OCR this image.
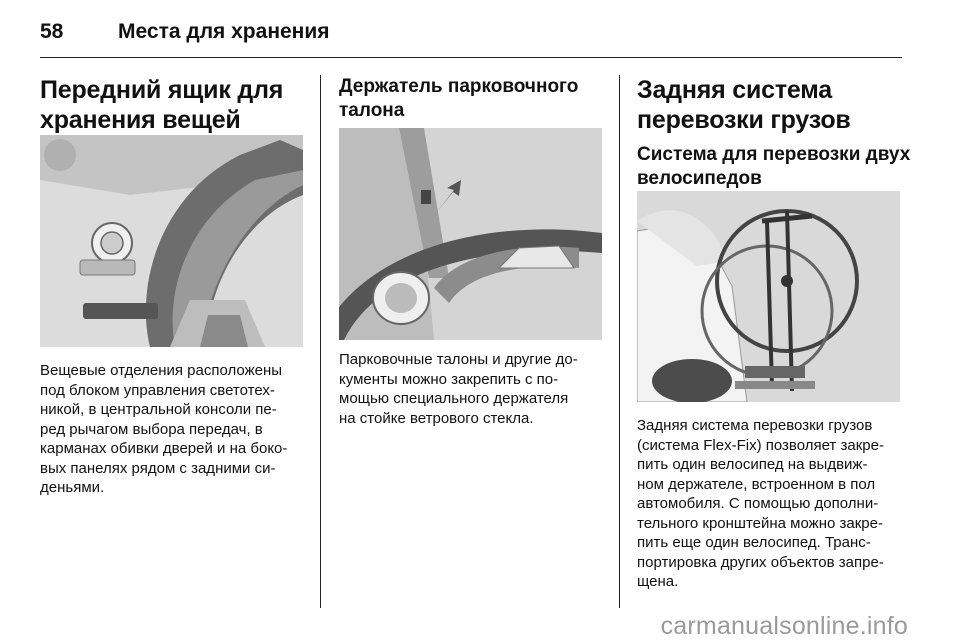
58	Места для хранения
Передний ящик для
хранения вещей

Вещевые отделения расположены
под блоком управления светотех-
никой, в центральной консоли пе-
ред рычагом выбора передач, в
карманах обивки дверей и на боко-
вых панелях рядом с задними си-
деньями.

Держатель парковочного
талона

Парковочные талоны и другие до-
кументы можно закрепить с по-
мощью специального держателя
на стойке ветрового стекла.

Задняя система
перевозки грузов
Система для перевозки двух
велосипедов

Задняя система перевозки грузов
(система Flex-Fix) позволяет закре-
пить один велосипед на выдвиж-
ном держателе, встроенном в пол
автомобиля. С помощью дополни-
тельного кронштейна можно закре-
пить еще один велосипед. Транс-
портировка других объектов запре-
щена.

carmanualsonline.info
